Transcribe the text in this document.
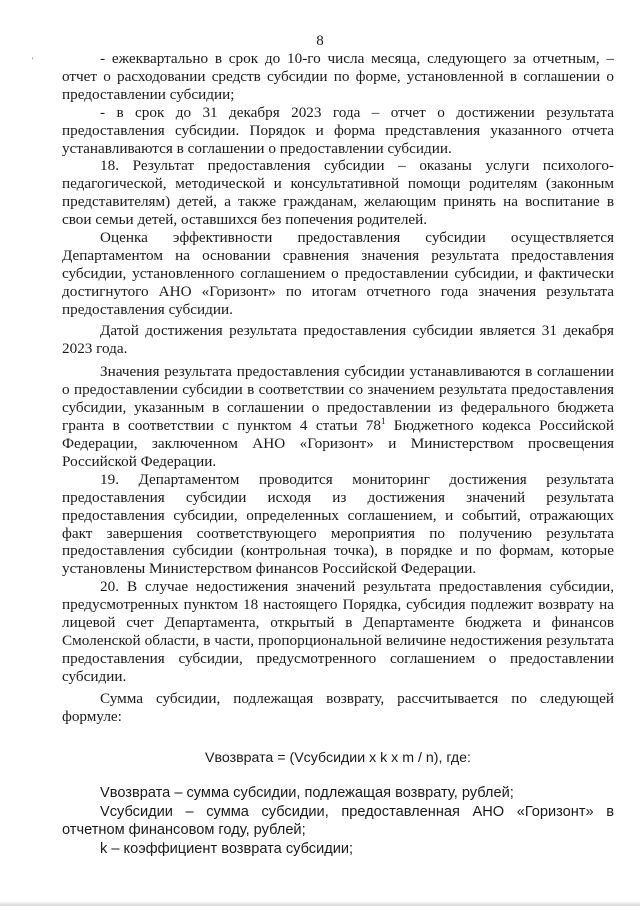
8
'	- ежеквартально в срок до 10-го числа месяца, следующего за отчетным, – отчет о расходовании средств субсидии по форме, установленной в соглашении о предоставлении субсидии;

- в срок до 31 декабря 2023 года – отчет о достижении результата предоставления субсидии. Порядок и форма представления указанного отчета устанавливаются в соглашении о предоставлении субсидии.

18. Результат предоставления субсидии – оказаны услуги психолого-педагогической, методической и консультативной помощи родителям (законным представителям) детей, а также гражданам, желающим принять на воспитание в свои семьи детей, оставшихся без попечения родителей.

Оценка эффективности предоставления субсидии осуществляется Департаментом на основании сравнения значения результата предоставления субсидии, установленного соглашением о предоставлении субсидии, и фактически достигнутого АНО «Горизонт» по итогам отчетного года значения результата предоставления субсидии.

Датой достижения результата предоставления субсидии является 31 декабря 2023 года.

Значения результата предоставления субсидии устанавливаются в соглашении о предоставлении субсидии в соответствии со значением результата предоставления субсидии, указанным в соглашении о предоставлении из федерального бюджета гранта в соответствии с пунктом 4 статьи $78^1$ Бюджетного кодекса Российской Федерации, заключенном АНО «Горизонт» и Министерством просвещения Российской Федерации.

19. Департаментом проводится мониторинг достижения результата предоставления субсидии исходя из достижения значений результата предоставления субсидии, определенных соглашением, и событий, отражающих факт завершения соответствующего мероприятия по получению результата предоставления субсидии (контрольная точка), в порядке и по формам, которые установлены Министерством финансов Российской Федерации.

20. В случае недостижения значений результата предоставления субсидии, предусмотренных пунктом 18 настоящего Порядка, субсидия подлежит возврату на лицевой счет Департамента, открытый в Департаменте бюджета и финансов Смоленской области, в части, пропорциональной величине недостижения результата предоставления субсидии, предусмотренного соглашением о предоставлении субсидии.

Сумма субсидии, подлежащая возврату, рассчитывается по следующей формуле:

Vвозврата = (Vсубсидии х k х m / n), где:

Vвозврата – сумма субсидии, подлежащая возврату, рублей;

Vсубсидии – сумма субсидии, предоставленная АНО «Горизонт» в отчетном финансовом году, рублей;

k – коэффициент возврата субсидии;
